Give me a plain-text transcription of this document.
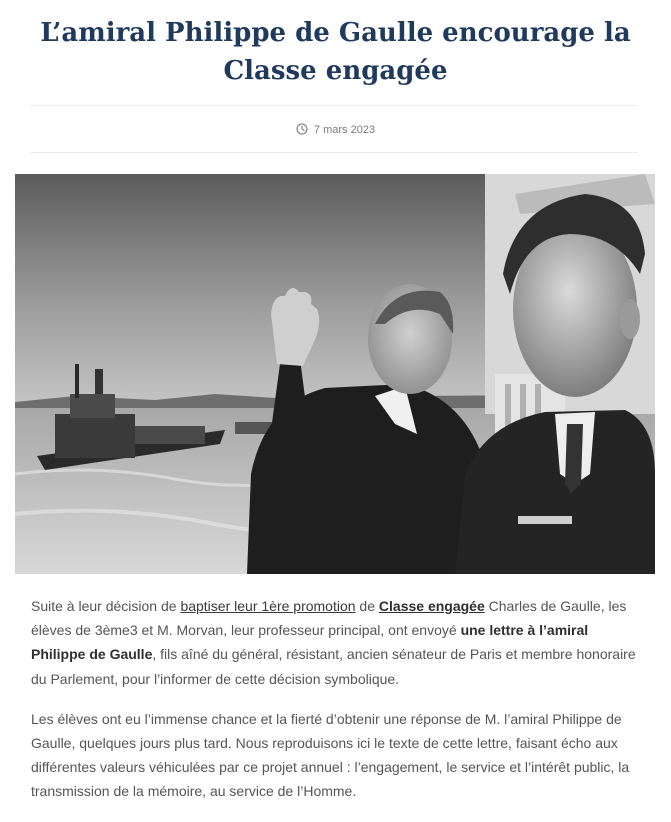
L’amiral Philippe de Gaulle encourage la Classe engagée
7 mars 2023

Suite à leur décision de baptiser leur 1ère promotion de Classe engagée Charles de Gaulle, les élèves de 3ème3 et M. Morvan, leur professeur principal, ont envoyé une lettre à l’amiral Philippe de Gaulle, fils aîné du général, résistant, ancien sénateur de Paris et membre honoraire du Parlement, pour l’informer de cette décision symbolique.

Les élèves ont eu l’immense chance et la fierté d’obtenir une réponse de M. l’amiral Philippe de Gaulle, quelques jours plus tard. Nous reproduisons ici le texte de cette lettre, faisant écho aux différentes valeurs véhiculées par ce projet annuel : l’engagement, le service et l’intérêt public, la transmission de la mémoire, au service de l’Homme.
